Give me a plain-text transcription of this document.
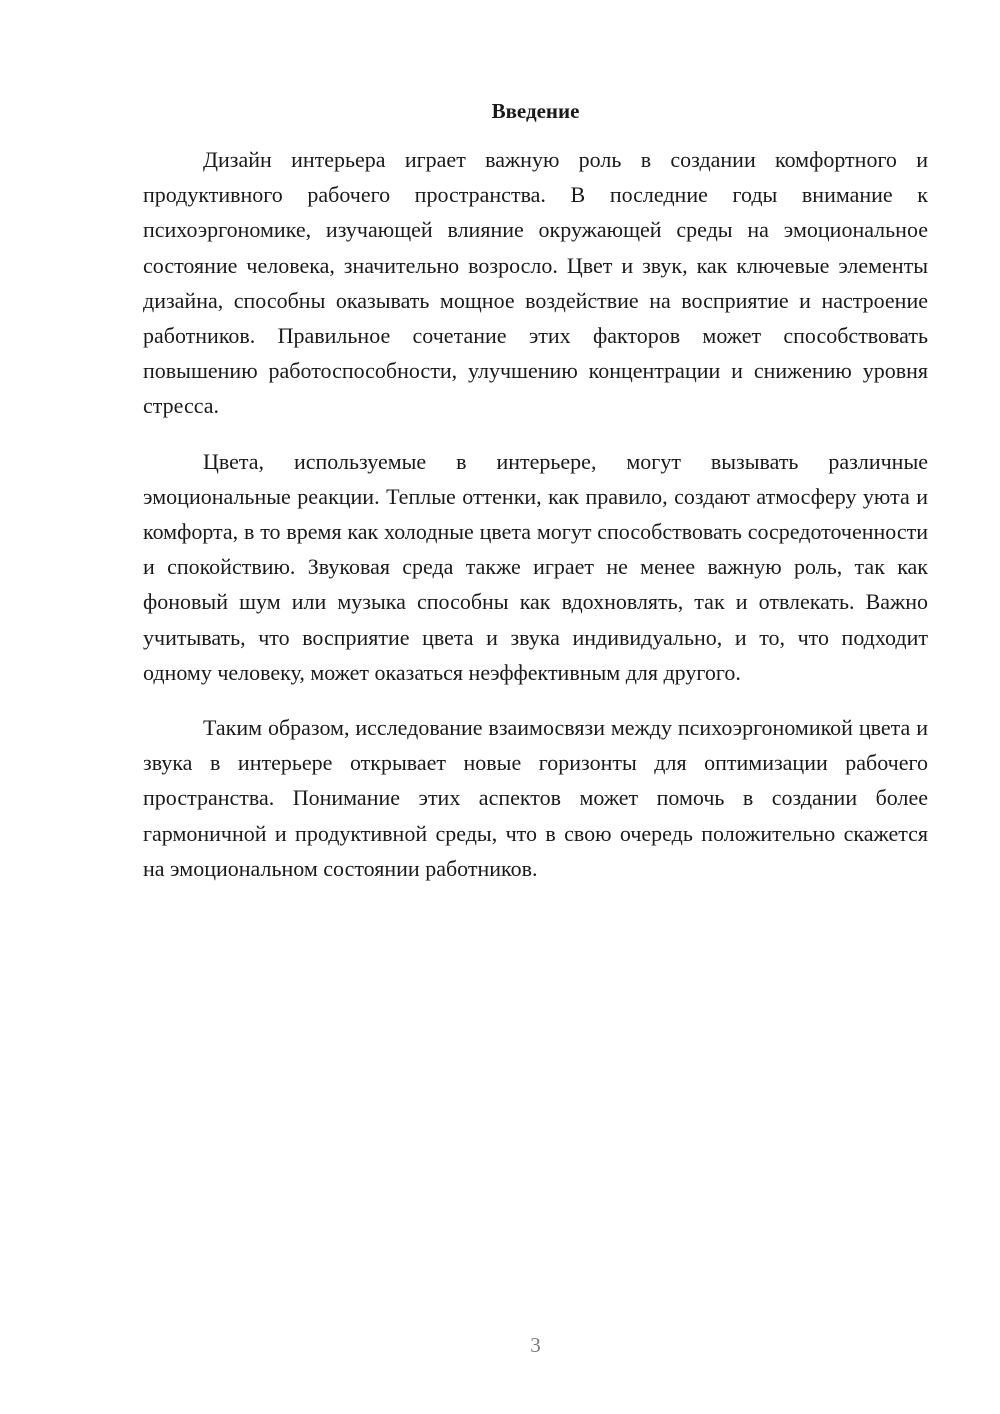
Введение

Дизайн интерьера играет важную роль в создании комфортного и продуктивного рабочего пространства. В последние годы внимание к психоэргономике, изучающей влияние окружающей среды на эмоциональное состояние человека, значительно возросло. Цвет и звук, как ключевые элементы дизайна, способны оказывать мощное воздействие на восприятие и настроение работников. Правильное сочетание этих факторов может способствовать повышению работоспособности, улучшению концентрации и снижению уровня стресса.

Цвета, используемые в интерьере, могут вызывать различные эмоциональные реакции. Теплые оттенки, как правило, создают атмосферу уюта и комфорта, в то время как холодные цвета могут способствовать сосредоточенности и спокойствию. Звуковая среда также играет не менее важную роль, так как фоновый шум или музыка способны как вдохновлять, так и отвлекать. Важно учитывать, что восприятие цвета и звука индивидуально, и то, что подходит одному человеку, может оказаться неэффективным для другого.

Таким образом, исследование взаимосвязи между психоэргономикой цвета и звука в интерьере открывает новые горизонты для оптимизации рабочего пространства. Понимание этих аспектов может помочь в создании более гармоничной и продуктивной среды, что в свою очередь положительно скажется на эмоциональном состоянии работников.

3
